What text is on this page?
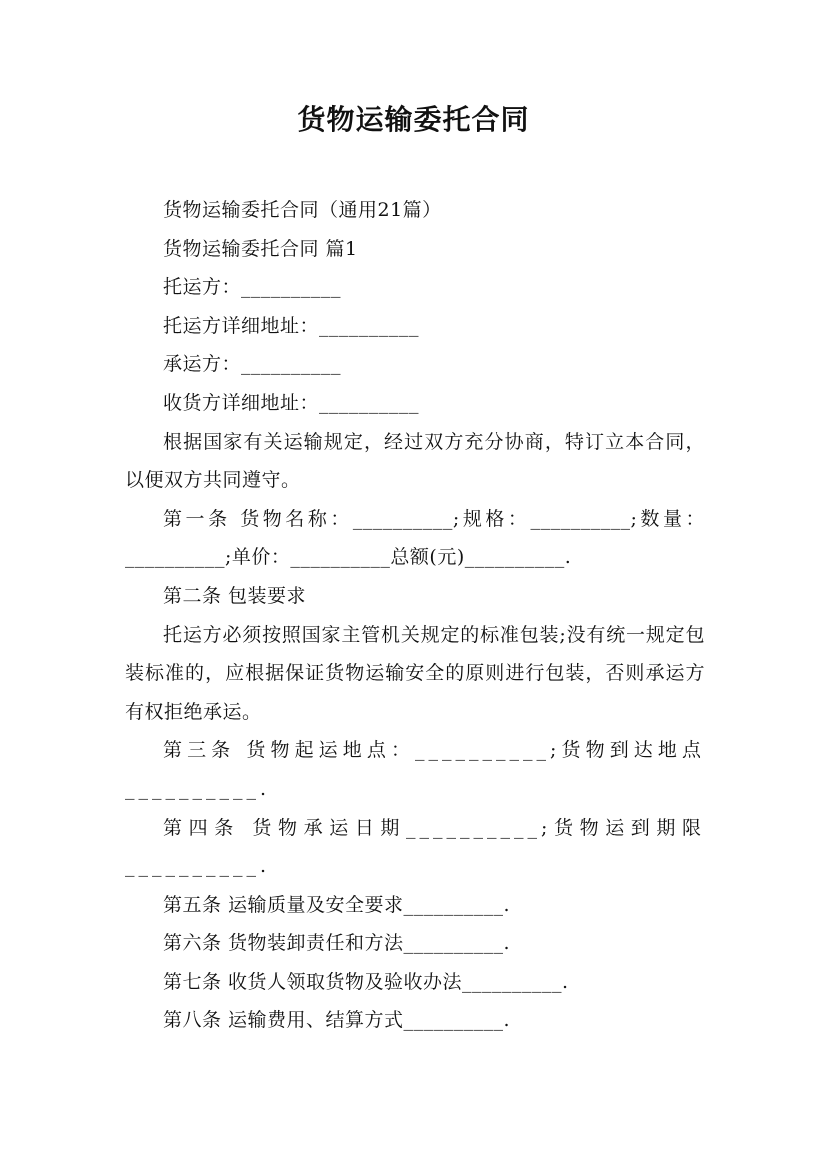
货物运输委托合同

货物运输委托合同（通用21篇）

货物运输委托合同 篇1

托运方：__________

托运方详细地址：__________

承运方：__________

收货方详细地址：__________

根据国家有关运输规定，经过双方充分协商，特订立本合同，以便双方共同遵守。

第一条 货物名称：__________;规格：__________;数量：__________;单价：__________总额(元)__________.

第二条 包装要求

托运方必须按照国家主管机关规定的标准包装;没有统一规定包装标准的，应根据保证货物运输安全的原则进行包装，否则承运方有权拒绝承运。

第三条 货物起运地点：__________;货物到达地点__________.

第四条 货物承运日期__________;货物运到期限__________.

第五条 运输质量及安全要求__________.

第六条 货物装卸责任和方法__________.

第七条 收货人领取货物及验收办法__________.

第八条 运输费用、结算方式__________.
